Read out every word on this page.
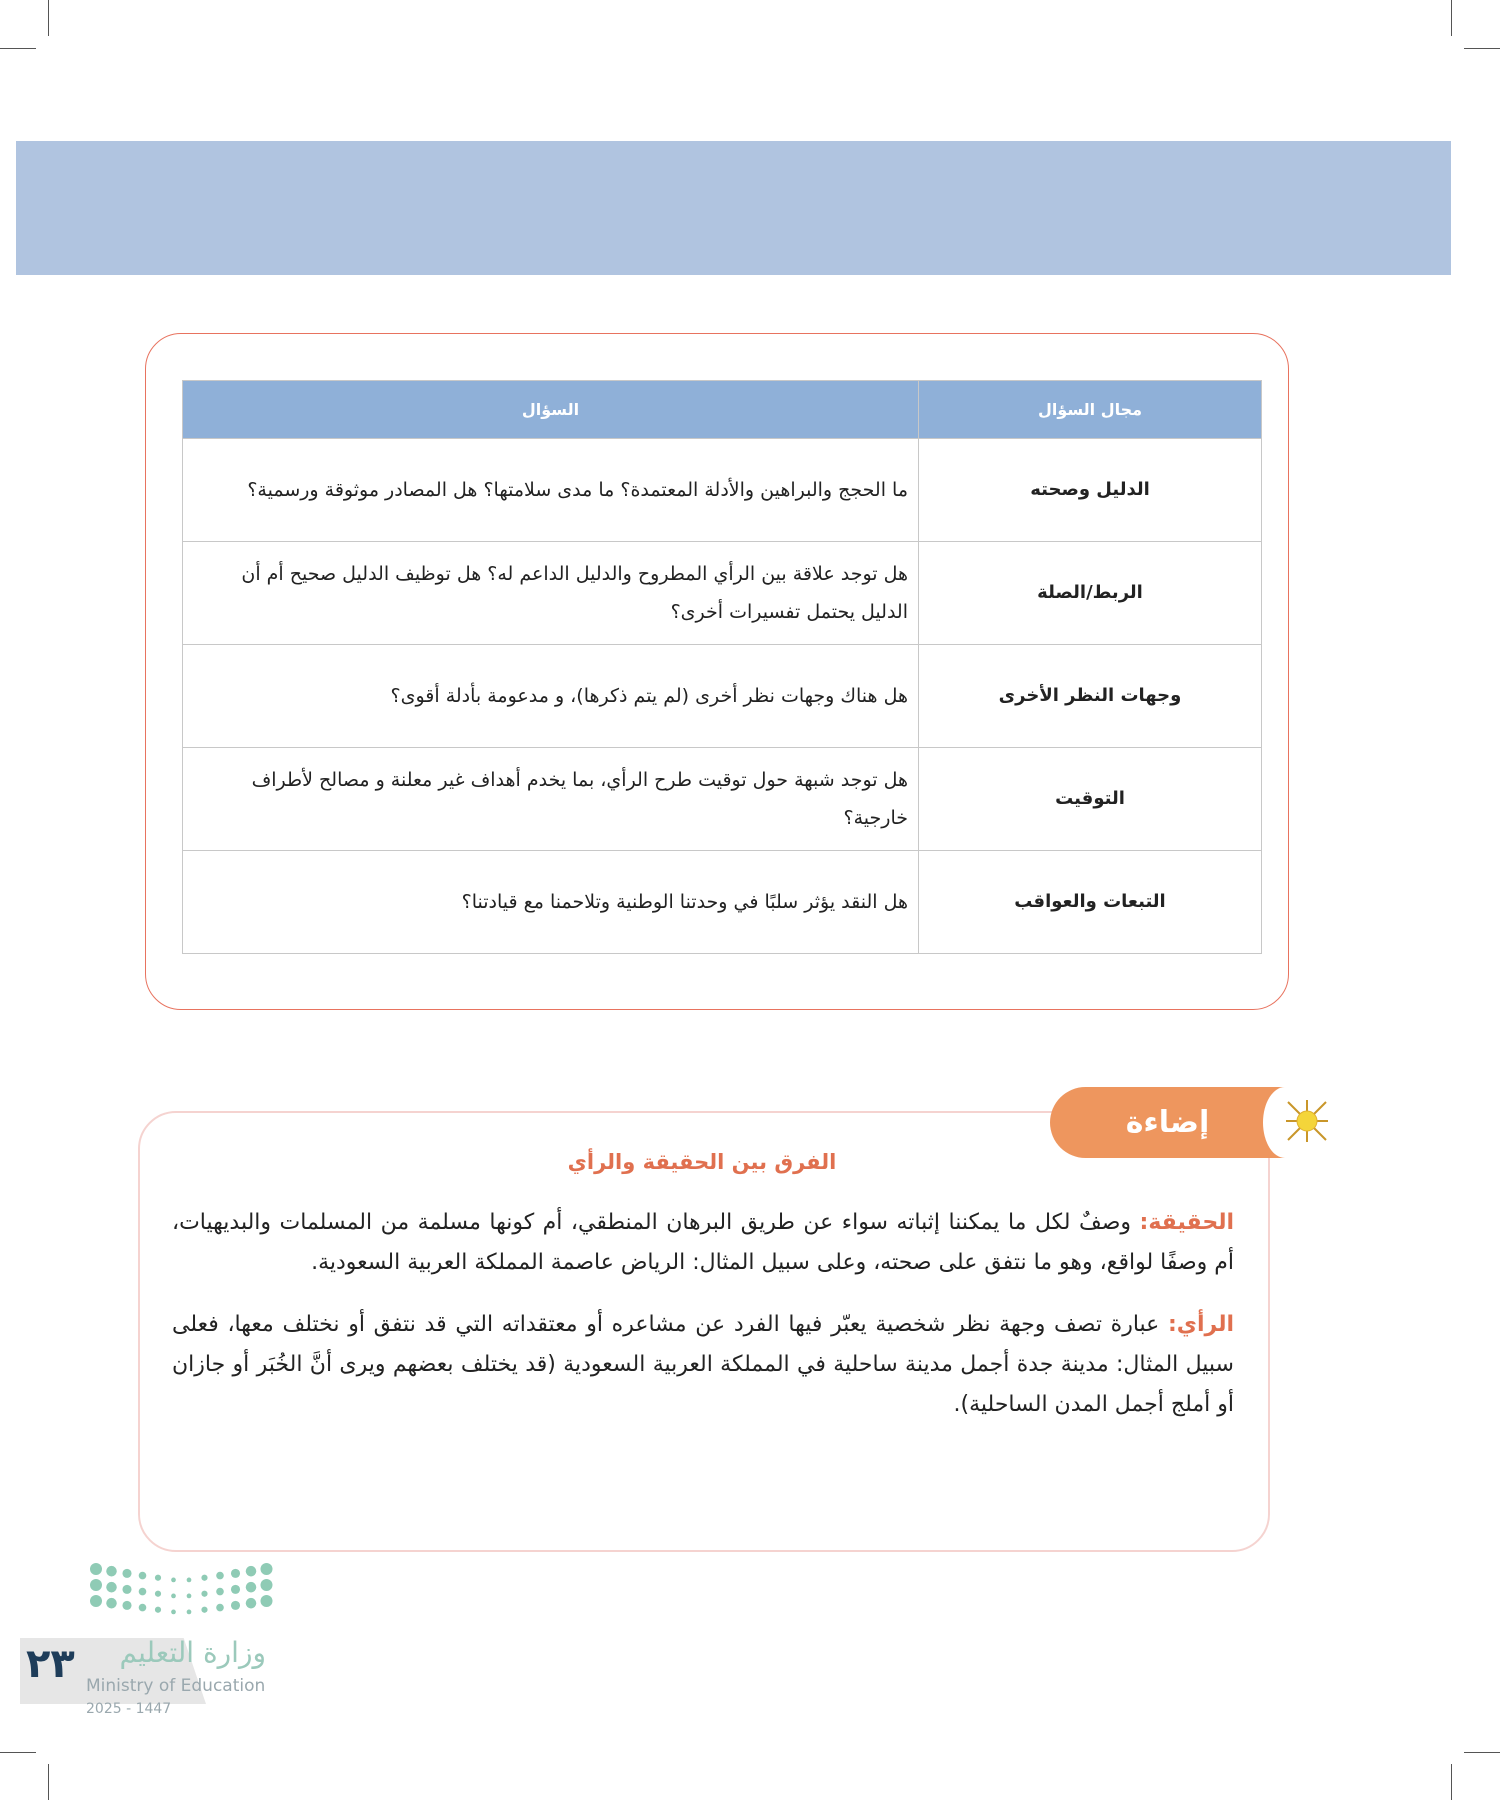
مجال السؤال	السؤال
الدليل وصحته	ما الحجج والبراهين والأدلة المعتمدة؟ ما مدى سلامتها؟ هل المصادر موثوقة ورسمية؟
الربط/الصلة	هل توجد علاقة بين الرأي المطروح والدليل الداعم له؟ هل توظيف الدليل صحيح أم أن الدليل يحتمل تفسيرات أخرى؟
وجهات النظر الأخرى	هل هناك وجهات نظر أخرى (لم يتم ذكرها)، و مدعومة بأدلة أقوى؟
التوقيت	هل توجد شبهة حول توقيت طرح الرأي، بما يخدم أهداف غير معلنة و مصالح لأطراف خارجية؟
التبعات والعواقب	هل النقد يؤثر سلبًا في وحدتنا الوطنية وتلاحمنا مع قيادتنا؟

الحقيقة: وصفٌ لكل ما يمكننا إثباته سواء عن طريق البرهان المنطقي، أم كونها مسلمة من المسلمات والبديهيات، أم وصفًا لواقع، وهو ما نتفق على صحته، وعلى سبيل المثال: الرياض عاصمة المملكة العربية السعودية.

الرأي: عبارة تصف وجهة نظر شخصية يعبّر فيها الفرد عن مشاعره أو معتقداته التي قد نتفق أو نختلف معها، فعلى سبيل المثال: مدينة جدة أجمل مدينة ساحلية في المملكة العربية السعودية (قد يختلف بعضهم ويرى أنَّ الخُبَر أو جازان أو أملج أجمل المدن الساحلية).

إضاءة
الفرق بين الحقيقة والرأي
وزارة التعليم
٢٣ Ministry of Education
2025 - 1447
